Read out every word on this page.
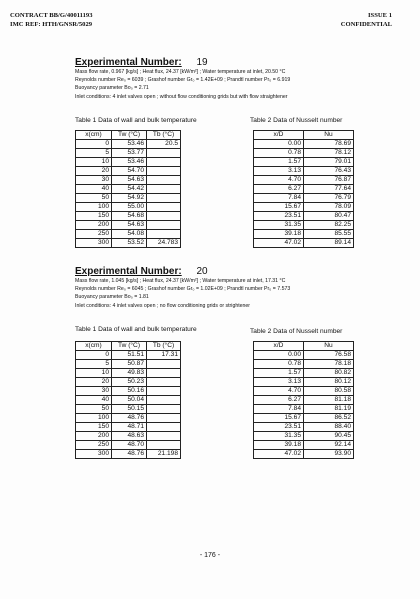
CONTRACT BB/G/40011193
IMC REF: HTH/GNSR/5029
ISSUE 1
CONFIDENTIAL
Experimental Number: 19
Mass flow rate, 0.967 [kg/s] ; Heat flux, 24.37 [kW/m²] ; Water temperature at inlet, 20.50 °C
Reynolds number Re₀ = 6039 ; Grashof number Gr₀ = 1.42E+09 ; Prandtl number Pr₀ = 6.919
Buoyancy parameter Bo₀ = 2.71
Inlet conditions: 4 inlet valves open ; without flow conditioning grids but with flow straightener
Table 1 Data of wall and bulk temperature	Table 2 Data of Nusselt number
x(cm)	Tw (°C)	Tb (°C)
0	53.46	20.5
5	53.77	
10	53.46	
20	54.70	
30	54.63	
40	54.42	
50	54.92	
100	55.00	
150	54.68	
200	54.63	
250	54.08	
300	53.52	24.783
x/D	Nu
0.00	78.69
0.78	78.12
1.57	79.01
3.13	76.43
4.70	76.87
6.27	77.64
7.84	76.79
15.67	78.09
23.51	80.47
31.35	82.25
39.18	85.55
47.02	89.14
Experimental Number: 20
Mass flow rate, 1.045 [kg/s] ; Heat flux, 24.37 [kW/m²] ; Water temperature at inlet, 17.31 °C
Reynolds number Re₀ = 6045 ; Grashof number Gr₀ = 1.02E+09 ; Prandtl number Pr₀ = 7.573
Buoyancy parameter Bo₀ = 1.81
Inlet conditions: 4 inlet valves open ; no flow conditioning grids or strightener
Table 1 Data of wall and bulk temperature	Table 2 Data of Nusselt number
x(cm)	Tw (°C)	Tb (°C)
0	51.51	17.31
5	50.87	
10	49.83	
20	50.23	
30	50.16	
40	50.04	
50	50.15	
100	48.76	
150	48.71	
200	48.63	
250	48.70	
300	48.76	21.198
x/D	Nu
0.00	76.58
0.78	78.18
1.57	80.82
3.13	80.12
4.70	80.58
6.27	81.18
7.84	81.19
15.67	86.52
23.51	88.40
31.35	90.45
39.18	92.14
47.02	93.90
- 176 -
